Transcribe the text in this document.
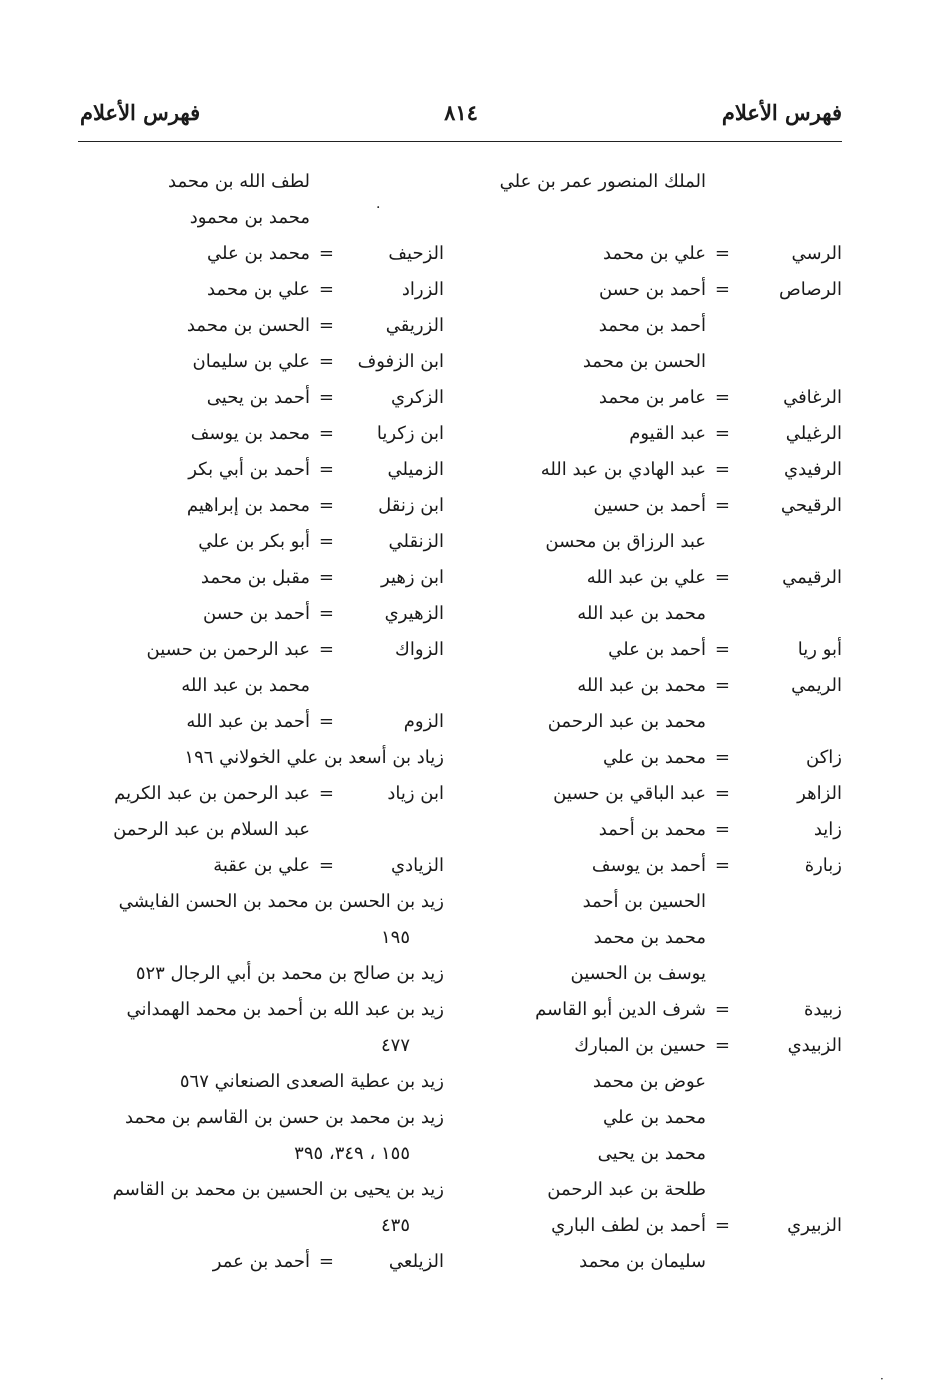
فهرس الأعلام
٨١٤
فهرس الأعلام
الملك المنصور عمر بن علي
الرسي
=
علي بن محمد
الرصاص
=
أحمد بن حسن
أحمد بن محمد
الحسن بن محمد
الرغافي
=
عامر بن محمد
الرغيلي
=
عبد القيوم
الرفيدي
=
عبد الهادي بن عبد الله
الرقيحي
=
أحمد بن حسين
عبد الرزاق بن محسن
الرقيمي
=
علي بن عبد الله
محمد بن عبد الله
أبو ريا
=
أحمد بن علي
الريمي
=
محمد بن عبد الله
محمد بن عبد الرحمن
زاكن
=
محمد بن علي
الزاهر
=
عبد الباقي بن حسين
زايد
=
محمد بن أحمد
زبارة
=
أحمد بن يوسف
الحسين بن أحمد
محمد بن محمد
يوسف بن الحسين
زبيدة
=
شرف الدين أبو القاسم
الزبيدي
=
حسين بن المبارك
عوض بن محمد
محمد بن علي
محمد بن يحيى
طلحة بن عبد الرحمن
الزبيري
=
أحمد بن لطف الباري
سليمان بن محمد
لطف الله بن محمد
محمد بن محمود
الزحيف
=
محمد بن علي
الزراد
=
علي بن محمد
الزريقي
=
الحسن بن محمد
ابن الزفوف
=
علي بن سليمان
الزكري
=
أحمد بن يحيى
ابن زكريا
=
محمد بن يوسف
الزميلي
=
أحمد بن أبي بكر
ابن زنقل
=
محمد بن إبراهيم
الزنقلي
=
أبو بكر بن علي
ابن زهير
=
مقبل بن محمد
الزهيري
=
أحمد بن حسن
الزواك
=
عبد الرحمن بن حسين
محمد بن عبد الله
الزوم
=
أحمد بن عبد الله
زياد بن أسعد بن علي الخولاني ١٩٦
ابن زياد
=
عبد الرحمن بن عبد الكريم
عبد السلام بن عبد الرحمن
الزيادي
=
علي بن عقبة
زيد بن الحسن بن محمد بن الحسن الفايشي
١٩٥
زيد بن صالح بن محمد بن أبي الرجال ٥٢٣
زيد بن عبد الله بن أحمد بن محمد الهمداني
٤٧٧
زيد بن عطية الصعدى الصنعاني ٥٦٧
زيد بن محمد بن حسن بن القاسم بن محمد
١٥٥ ، ٣٤٩، ٣٩٥
زيد بن يحيى بن الحسين بن محمد بن القاسم
٤٣٥
الزيلعي
=
أحمد بن عمر
·
·
